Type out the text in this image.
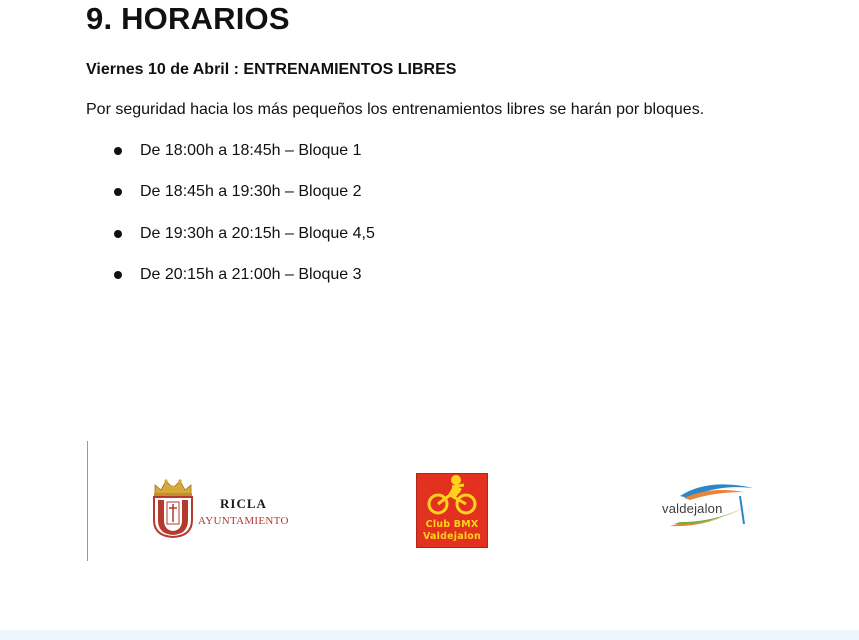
9. HORARIOS

Viernes 10 de Abril : ENTRENAMIENTOS LIBRES

Por seguridad hacia los más pequeños los entrenamientos libres se harán por bloques.

De 18:00h a 18:45h – Bloque 1
De 18:45h a 19:30h – Bloque 2
De 19:30h a 20:15h – Bloque 4,5
De 20:15h a 21:00h – Bloque 3
RICLA
AYUNTAMIENTO	Club BMX
Valdejalon
valdejalon
